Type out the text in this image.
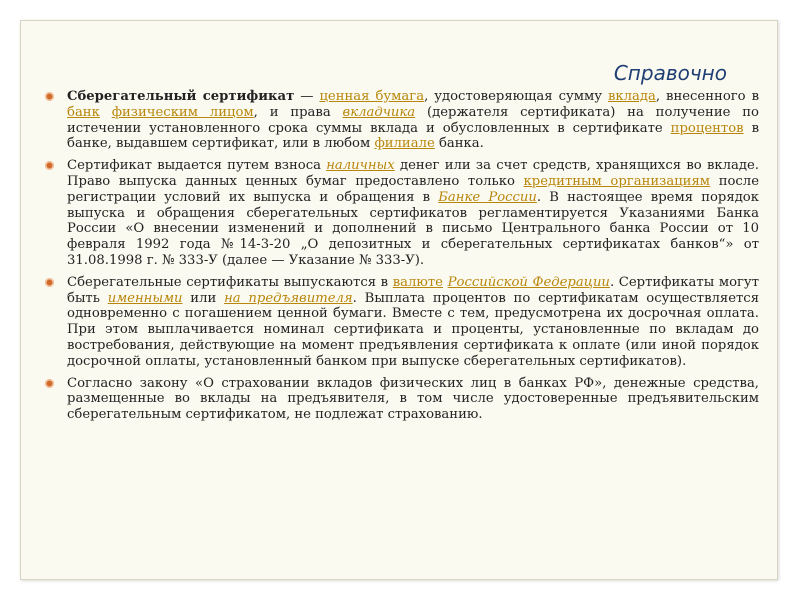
Справочно

Сберегательный сертификат — ценная бумага, удостоверяющая сумму вклада, внесенного в банк физическим лицом, и права вкладчика (держателя сертификата) на получение по истечении установленного срока суммы вклада и обусловленных в сертификате процентов в банке, выдавшем сертификат, или в любом филиале банка.

Сертификат выдается путем взноса наличных денег или за счет средств, хранящихся во вкладе. Право выпуска данных ценных бумаг предоставлено только кредитным организациям после регистрации условий их выпуска и обращения в Банке России. В настоящее время порядок выпуска и обращения сберегательных сертификатов регламентируется Указаниями Банка России «О внесении изменений и дополнений в письмо Центрального банка России от 10 февраля 1992 года №14-3-20 „О депозитных и сберегательных сертификатах банков“» от 31.08.1998 г. № 333-У (далее — Указание № 333-У).

Сберегательные сертификаты выпускаются в валюте Российской Федерации. Сертификаты могут быть именными или на предъявителя. Выплата процентов по сертификатам осуществляется одновременно с погашением ценной бумаги. Вместе с тем, предусмотрена их досрочная оплата. При этом выплачивается номинал сертификата и проценты, установленные по вкладам до востребования, действующие на момент предъявления сертификата к оплате (или иной порядок досрочной оплаты, установленный банком при выпуске сберегательных сертификатов).

Согласно закону «О страховании вкладов физических лиц в банках РФ», денежные средства, размещенные во вклады на предъявителя, в том числе удостоверенные предъявительским сберегательным сертификатом, не подлежат страхованию.
